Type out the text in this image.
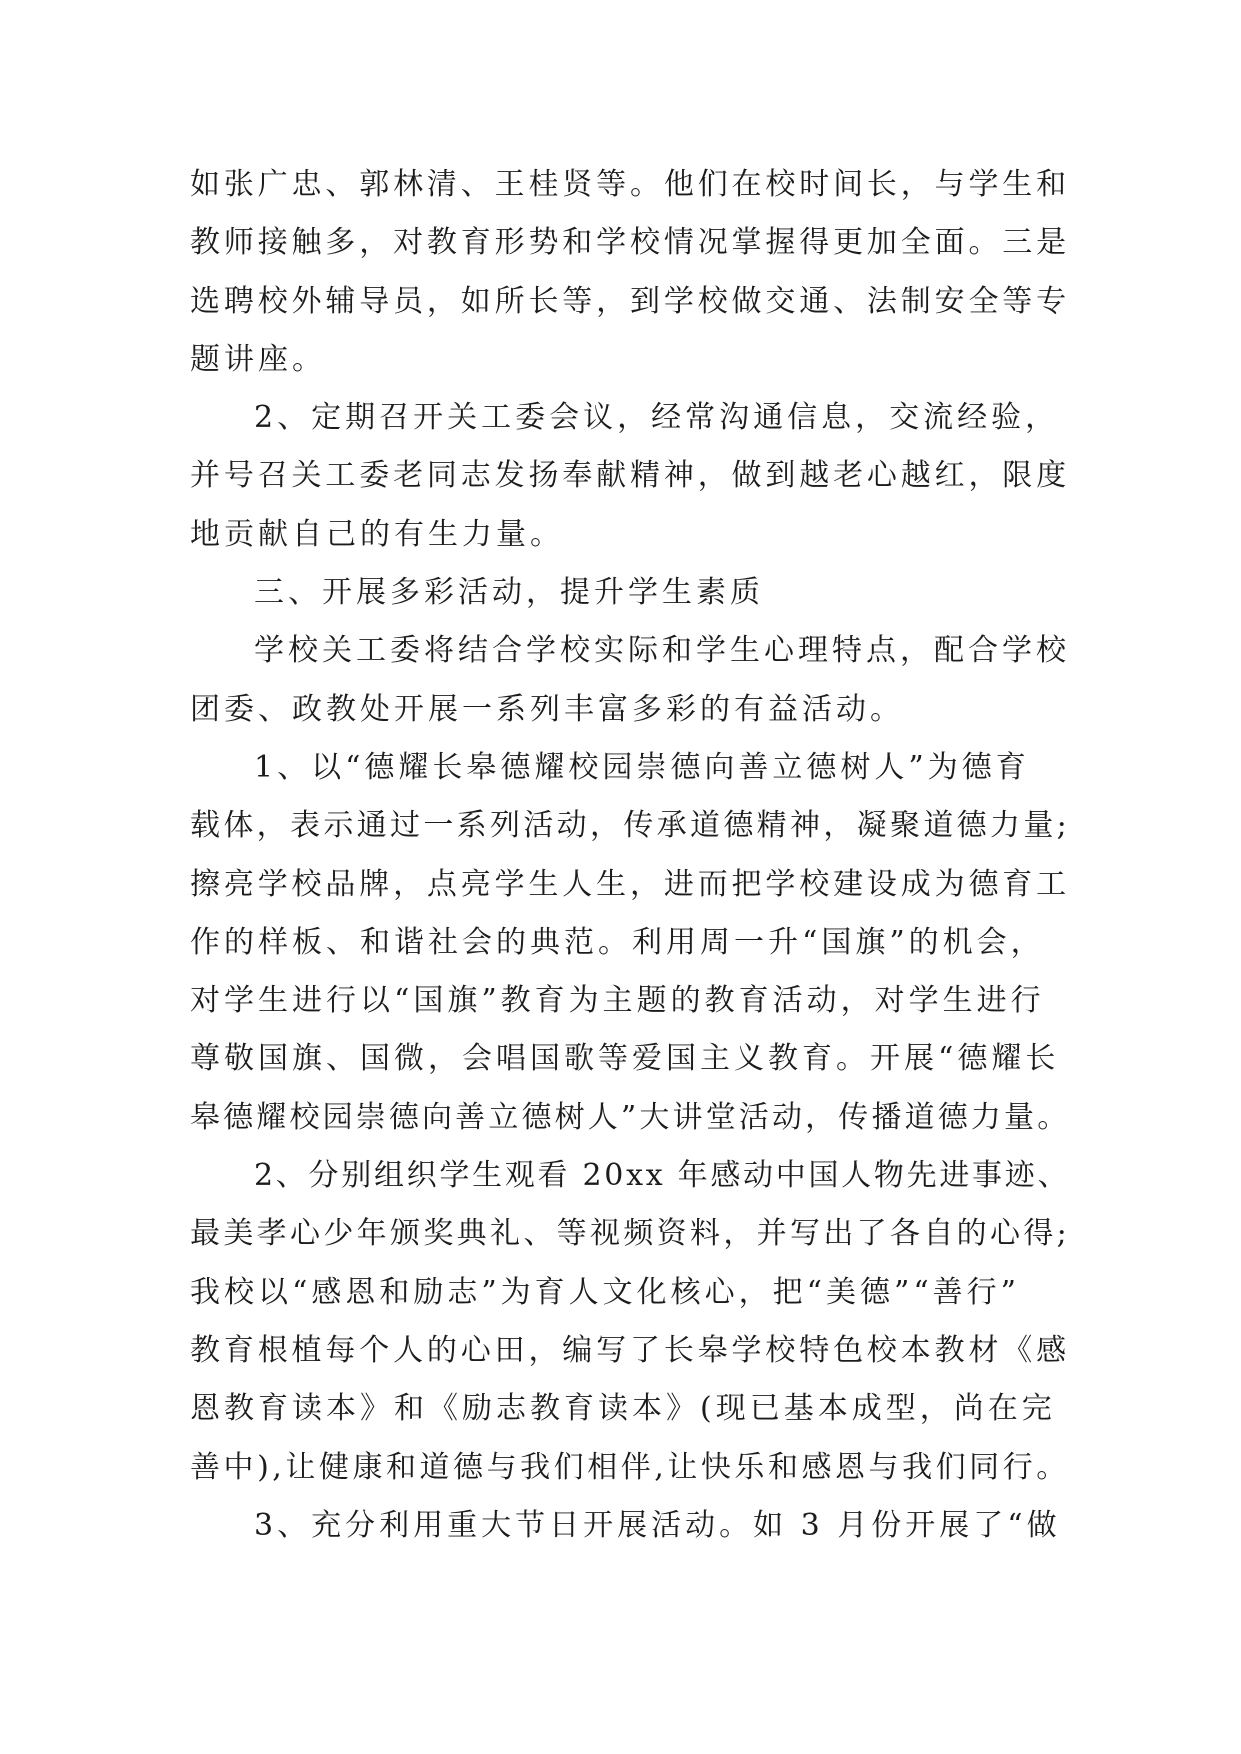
如张广忠、郭林清、王桂贤等。他们在校时间长，与学生和
教师接触多，对教育形势和学校情况掌握得更加全面。三是
选聘校外辅导员，如所长等，到学校做交通、法制安全等专
题讲座。
2、定期召开关工委会议，经常沟通信息，交流经验，
并号召关工委老同志发扬奉献精神，做到越老心越红，限度
地贡献自己的有生力量。
三、开展多彩活动，提升学生素质
学校关工委将结合学校实际和学生心理特点，配合学校
团委、政教处开展一系列丰富多彩的有益活动。
1、以“德耀长皋德耀校园崇德向善立德树人”为德育
载体，表示通过一系列活动，传承道德精神，凝聚道德力量;
擦亮学校品牌，点亮学生人生，进而把学校建设成为德育工
作的样板、和谐社会的典范。利用周一升“国旗”的机会，
对学生进行以“国旗”教育为主题的教育活动，对学生进行
尊敬国旗、国微，会唱国歌等爱国主义教育。开展“德耀长
皋德耀校园崇德向善立德树人”大讲堂活动，传播道德力量。
2、分别组织学生观看 20xx 年感动中国人物先进事迹、
最美孝心少年颁奖典礼、等视频资料，并写出了各自的心得;
我校以“感恩和励志”为育人文化核心，把“美德”“善行”
教育根植每个人的心田，编写了长皋学校特色校本教材《感
恩教育读本》和《励志教育读本》(现已基本成型，尚在完
善中),让健康和道德与我们相伴,让快乐和感恩与我们同行。
3、充分利用重大节日开展活动。如 3 月份开展了“做
